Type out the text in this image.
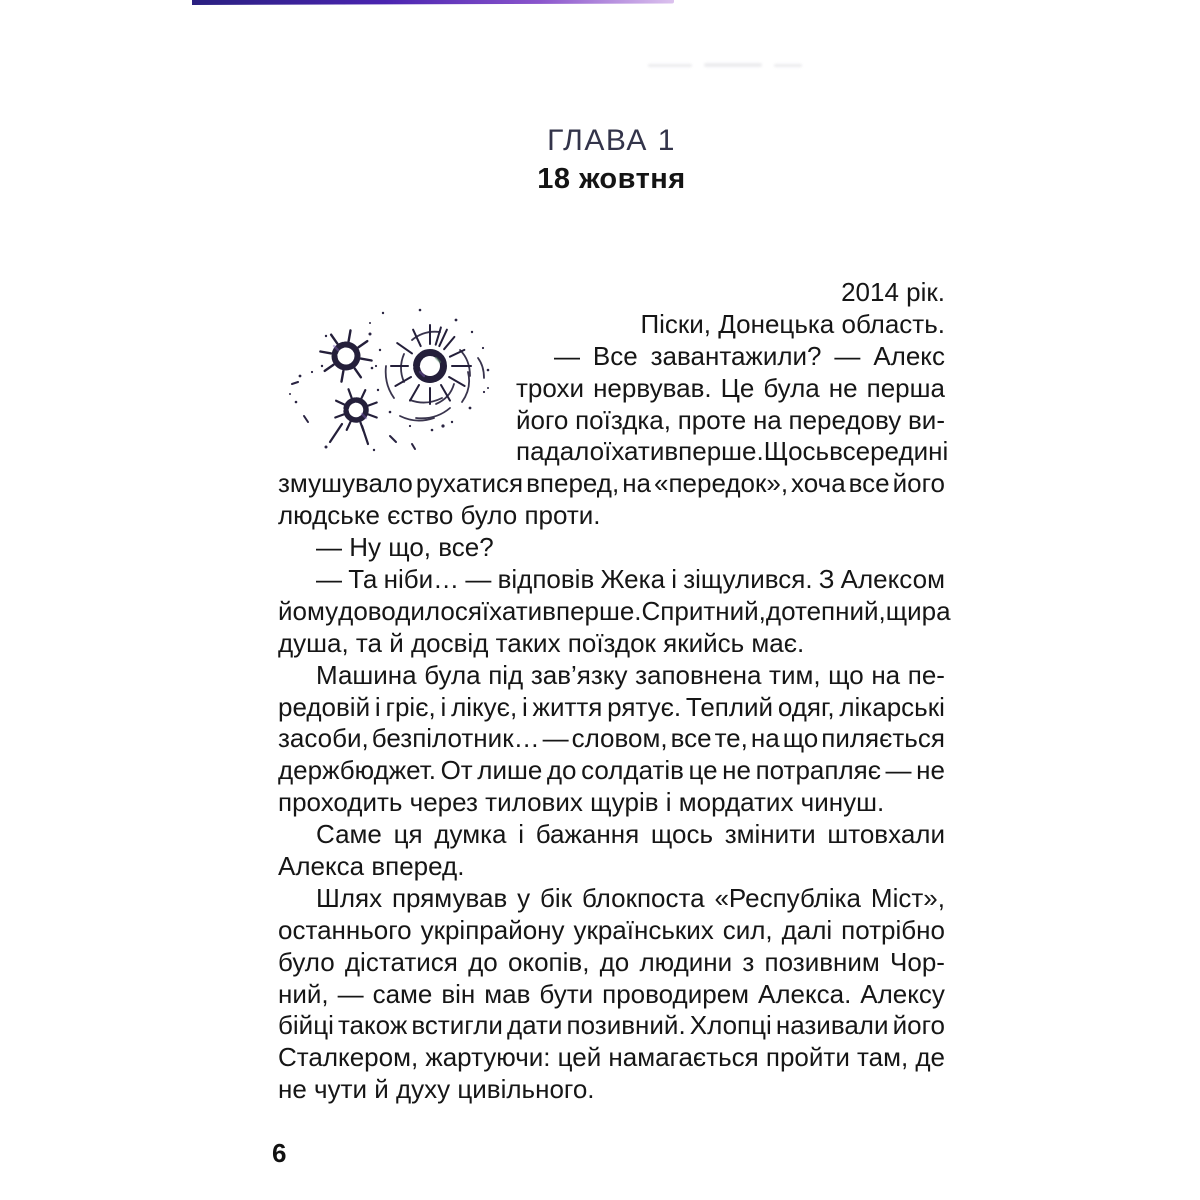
ГЛАВА 1
18 жовтня
2014 рік.
Піски, Донецька область.
— Все завантажили? — Алекс
трохи нервував. Це була не перша
його поїздка, проте на передову ви-
падало їхати вперше. Щось всередині
змушувало рухатися вперед, на «передок», хоча все його
людське єство було проти.
— Ну що, все?
— Та ніби… — відповів Жека і зіщулився. З Алексом
йому доводилося їхати вперше. Спритний, дотепний, щира
душа, та й досвід таких поїздок якийсь має.
Машина була під зав’язку заповнена тим, що на пе-
редовій і гріє, і лікує, і життя рятує. Теплий одяг, лікарські
засоби, безпілотник… — словом, все те, на що пиляється
держбюджет. От лише до солдатів це не потрапляє — не
проходить через тилових щурів і мордатих чинуш.
Саме ця думка і бажання щось змінити штовхали
Алекса вперед.
Шлях прямував у бік блокпоста «Республіка Міст»,
останнього укріпрайону українських сил, далі потрібно
було дістатися до окопів, до людини з позивним Чор-
ний, — саме він мав бути проводирем Алекса. Алексу
бійці також встигли дати позивний. Хлопці називали його
Сталкером, жартуючи: цей намагається пройти там, де
не чути й духу цивільного.
6
